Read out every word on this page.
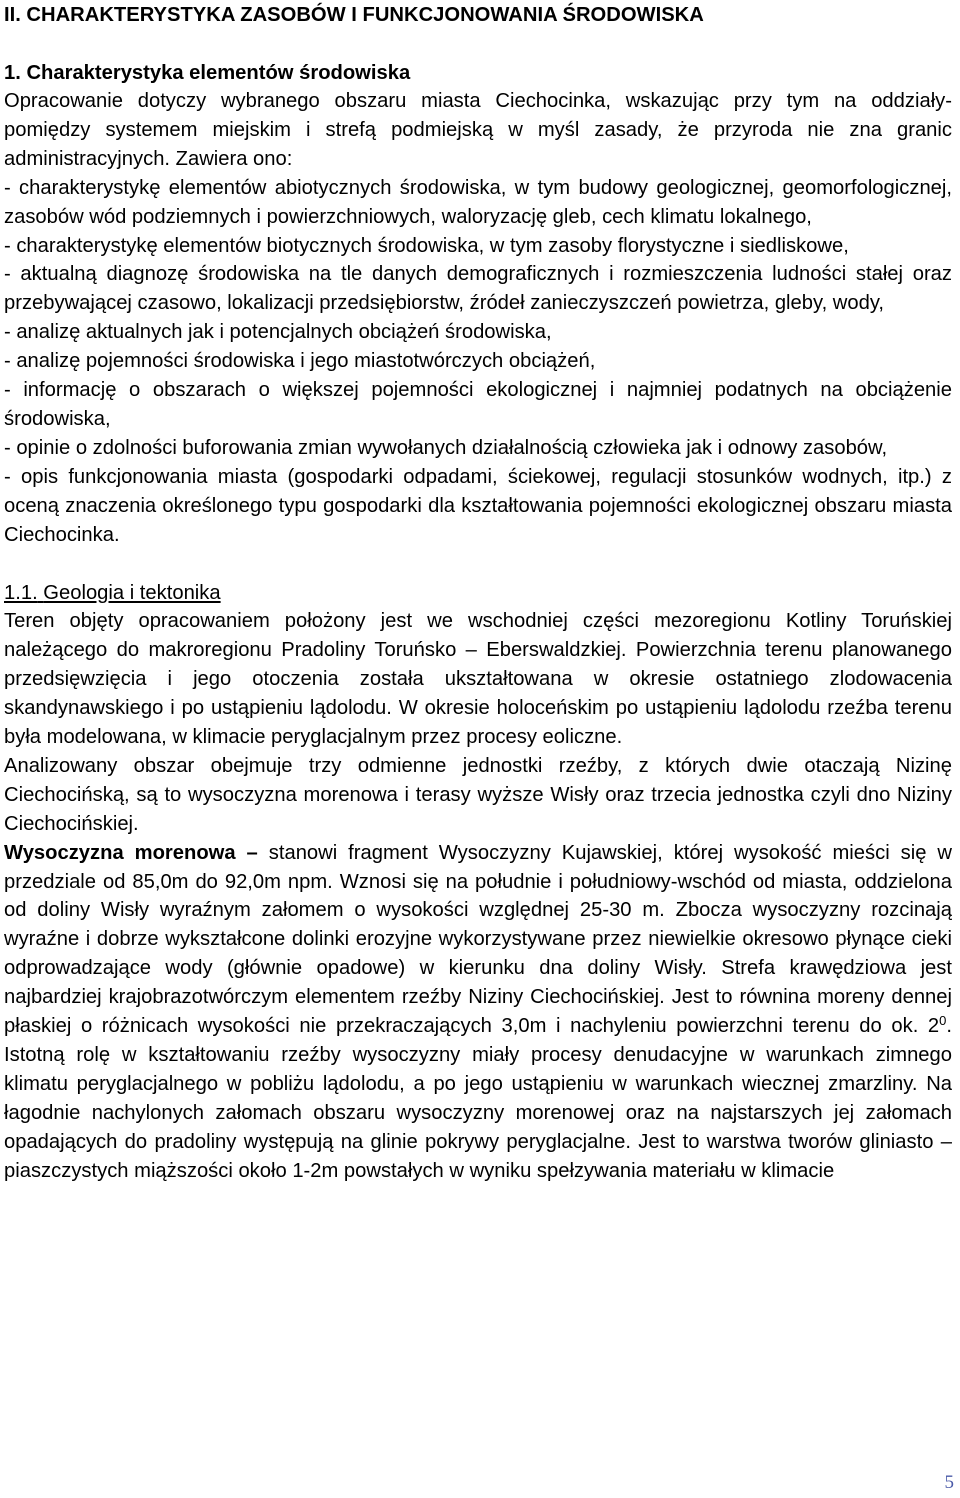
II. CHARAKTERYSTYKA ZASOBÓW I FUNKCJONOWANIA ŚRODOWISKA
1. Charakterystyka elementów środowiska

Opracowanie dotyczy wybranego obszaru miasta Ciechocinka, wskazując przy tym na oddziały- pomiędzy systemem miejskim i strefą podmiejską w myśl zasady, że przyroda nie zna granic administracyjnych. Zawiera ono:

- charakterystykę elementów abiotycznych środowiska, w tym budowy geologicznej, geomorfologicznej, zasobów wód podziemnych i powierzchniowych, waloryzację gleb, cech klimatu lokalnego,

- charakterystykę elementów biotycznych środowiska, w tym zasoby florystyczne i siedliskowe,

- aktualną diagnozę środowiska na tle danych demograficznych i rozmieszczenia ludności stałej oraz przebywającej czasowo, lokalizacji przedsiębiorstw, źródeł zanieczyszczeń powietrza, gleby, wody,

- analizę aktualnych jak i potencjalnych obciążeń środowiska,

- analizę pojemności środowiska i jego miastotwórczych obciążeń,

- informację o obszarach o większej pojemności ekologicznej i najmniej podatnych na obciążenie środowiska,

- opinie o zdolności buforowania zmian wywołanych działalnością człowieka jak i odnowy zasobów,

- opis funkcjonowania miasta (gospodarki odpadami, ściekowej, regulacji stosunków wodnych, itp.) z oceną znaczenia określonego typu gospodarki dla kształtowania pojemności ekologicznej obszaru miasta Ciechocinka.

1.1. Geologia i tektonika

Teren objęty opracowaniem położony jest we wschodniej części mezoregionu Kotliny Toruńskiej należącego do makroregionu Pradoliny Toruńsko – Eberswaldzkiej. Powierzchnia terenu planowanego przedsięwzięcia i jego otoczenia została ukształtowana w okresie ostatniego zlodowacenia skandynawskiego i po ustąpieniu lądolodu. W okresie holoceńskim po ustąpieniu lądolodu rzeźba terenu była modelowana, w klimacie peryglacjalnym przez procesy eoliczne.

Analizowany obszar obejmuje trzy odmienne jednostki rzeźby, z których dwie otaczają Nizinę Ciechocińską, są to wysoczyzna morenowa i terasy wyższe Wisły oraz trzecia jednostka czyli dno Niziny Ciechocińskiej.

Wysoczyzna morenowa – stanowi fragment Wysoczyzny Kujawskiej, której wysokość mieści się w przedziale od 85,0m do 92,0m npm. Wznosi się na południe i południowy-wschód od miasta, oddzielona od doliny Wisły wyraźnym załomem o wysokości względnej 25-30 m. Zbocza wysoczyzny rozcinają wyraźne i dobrze wykształcone dolinki erozyjne wykorzystywane przez niewielkie okresowo płynące cieki odprowadzające wody (głównie opadowe) w kierunku dna doliny Wisły. Strefa krawędziowa jest najbardziej krajobrazotwórczym elementem rzeźby Niziny Ciechocińskiej. Jest to równina moreny dennej płaskiej o różnicach wysokości nie przekraczających 3,0m i nachyleniu powierzchni terenu do ok. $2^0$. Istotną rolę w kształtowaniu rzeźby wysoczyzny miały procesy denudacyjne w warunkach zimnego klimatu peryglacjalnego w pobliżu lądolodu, a po jego ustąpieniu w warunkach wiecznej zmarzliny. Na łagodnie nachylonych załomach obszaru wysoczyzny morenowej oraz na najstarszych jej załomach opadających do pradoliny występują na glinie pokrywy peryglacjalne. Jest to warstwa tworów gliniasto – piaszczystych miąższości około 1-2m powstałych w wyniku spełzywania materiału w klimacie

5
